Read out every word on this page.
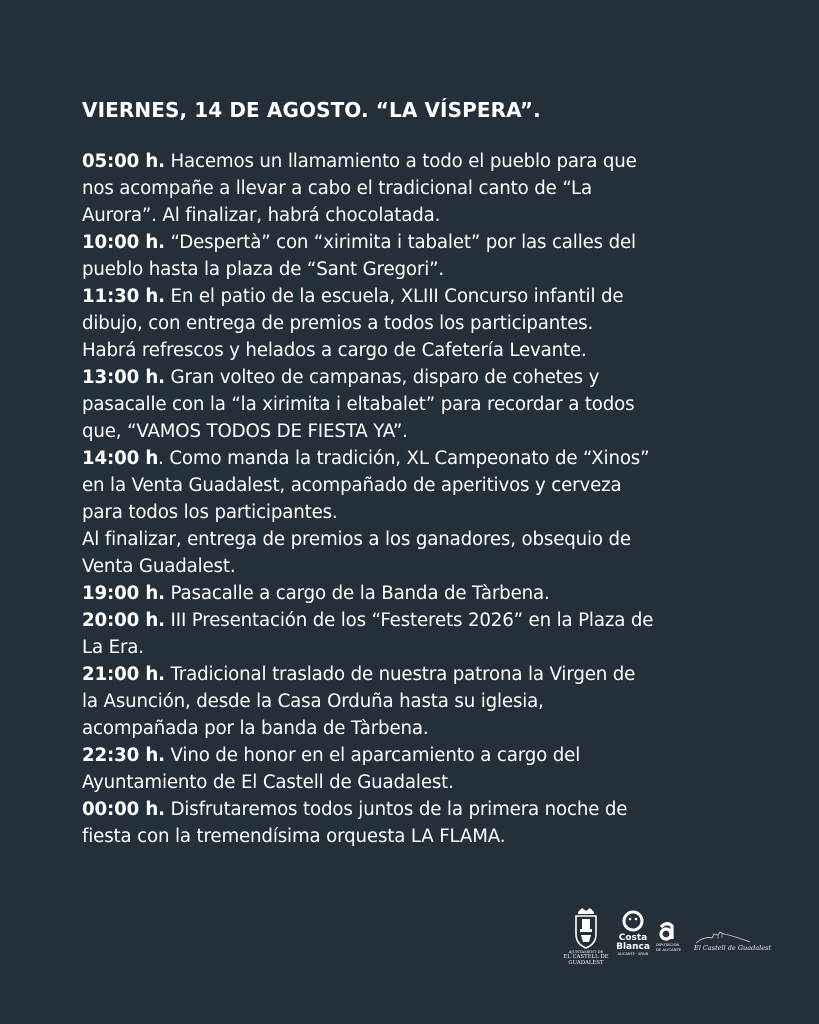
VIERNES, 14 DE AGOSTO. “LA VÍSPERA”.

05:00 h. Hacemos un llamamiento a todo el pueblo para que
nos acompañe a llevar a cabo el tradicional canto de “La
Aurora”. Al finalizar, habrá chocolatada.

10:00 h. “Despertà” con “xirimita i tabalet” por las calles del
pueblo hasta la plaza de “Sant Gregori”.

11:30 h. En el patio de la escuela, XLIII Concurso infantil de
dibujo, con entrega de premios a todos los participantes.
Habrá refrescos y helados a cargo de Cafetería Levante.

13:00 h. Gran volteo de campanas, disparo de cohetes y
pasacalle con la “la xirimita i eltabalet” para recordar a todos
que, “VAMOS TODOS DE FIESTA YA”.

14:00 h. Como manda la tradición, XL Campeonato de “Xinos”
en la Venta Guadalest, acompañado de aperitivos y cerveza
para todos los participantes.
Al finalizar, entrega de premios a los ganadores, obsequio de
Venta Guadalest.

19:00 h. Pasacalle a cargo de la Banda de Tàrbena.

20:00 h. III Presentación de los “Festerets 2026” en la Plaza de
La Era.

21:00 h. Tradicional traslado de nuestra patrona la Virgen de
la Asunción, desde la Casa Orduña hasta su iglesia,
acompañada por la banda de Tàrbena.

22:30 h. Vino de honor en el aparcamiento a cargo del
Ayuntamiento de El Castell de Guadalest.

00:00 h. Disfrutaremos todos juntos de la primera noche de
fiesta con la tremendísima orquesta LA FLAMA.

AJUNTAMENT DE
EL CASTELL DE
GUADALEST
Costa
Blanca
ALICANTE · SPAIN
DIPUTACIÓN
DE ALICANTE	El Castell de Guadalest
